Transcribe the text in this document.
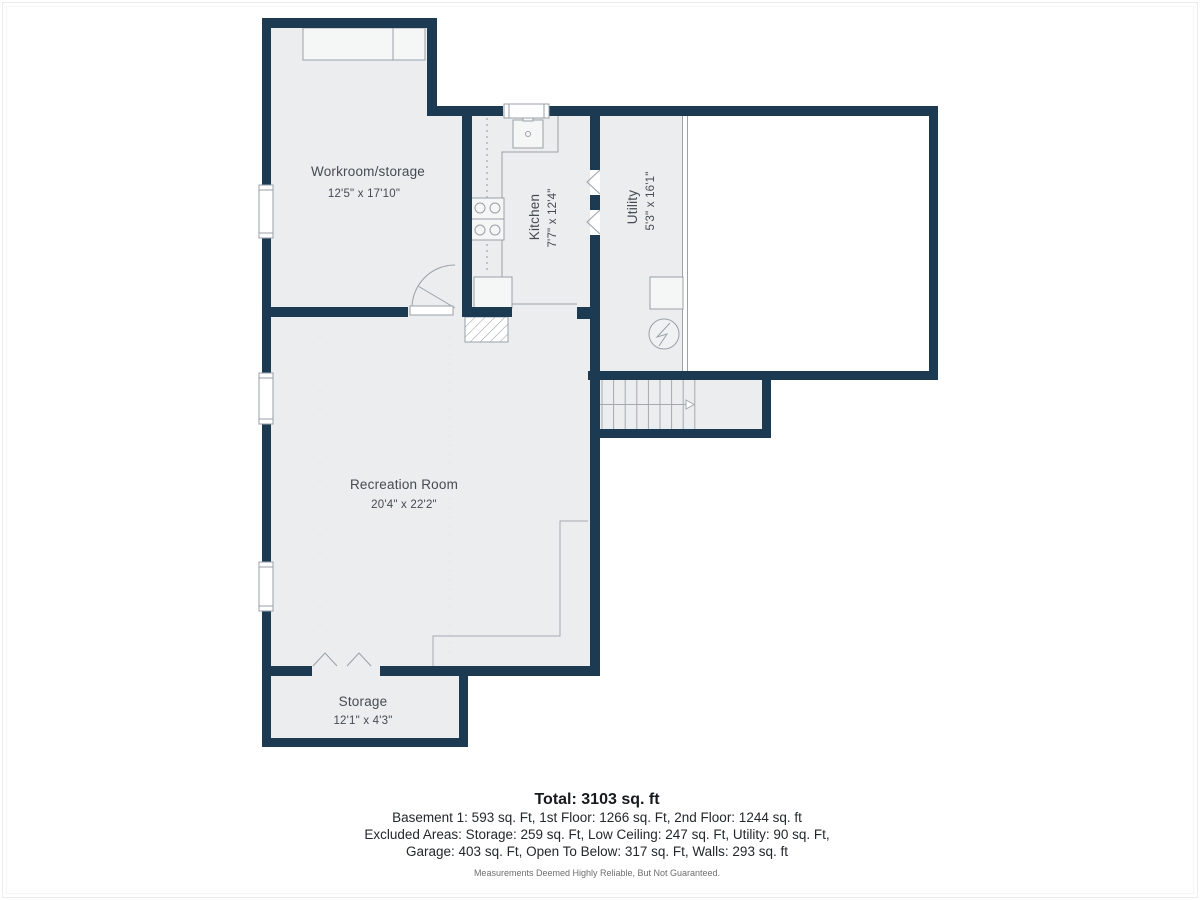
Workroom/storage
12'5" x 17'10"	Kitchen 7'7" x 12'4"	Utility 5'3" x 16'1"
Recreation Room
20'4" x 22'2"
Storage
12'1" x 4'3"
Total: 3103 sq. ft
Basement 1: 593 sq. Ft, 1st Floor: 1266 sq. Ft, 2nd Floor: 1244 sq. ft
Excluded Areas: Storage: 259 sq. Ft, Low Ceiling: 247 sq. Ft, Utility: 90 sq. Ft,
Garage: 403 sq. Ft, Open To Below: 317 sq. Ft, Walls: 293 sq. ft
Measurements Deemed Highly Reliable, But Not Guaranteed.
